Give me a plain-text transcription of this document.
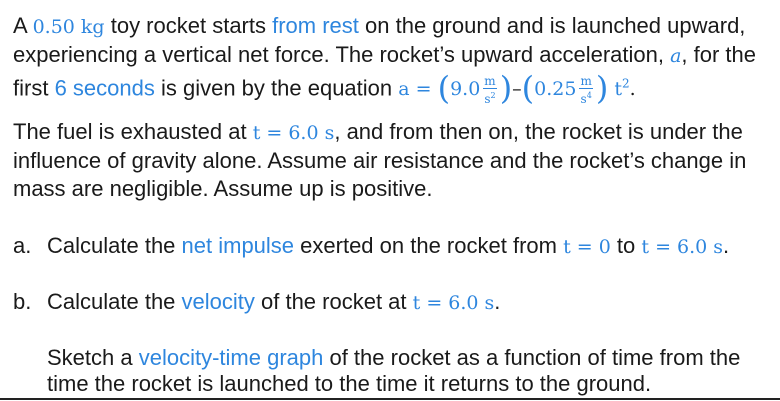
A 0.50 kg toy rocket starts from rest on the ground and is launched upward, experiencing a vertical net force. The rocket’s upward acceleration, a, for the first 6 seconds is given by the equation $a = (9.0 \frac{m}{s^2} )-(0.25 \frac{m}{s^4}$ ) $t^2$.
The fuel is exhausted at t = 6.0 s, and from then on, the rocket is under the influence of gravity alone. Assume air resistance and the rocket’s change in mass are negligible. Assume up is positive.
a. Calculate the net impulse exerted on the rocket from t = 0 to t = 6.0 s.
b. Calculate the velocity of the rocket at t = 6.0 s.
Sketch a velocity-time graph of the rocket as a function of time from the time the rocket is launched to the time it returns to the ground.
